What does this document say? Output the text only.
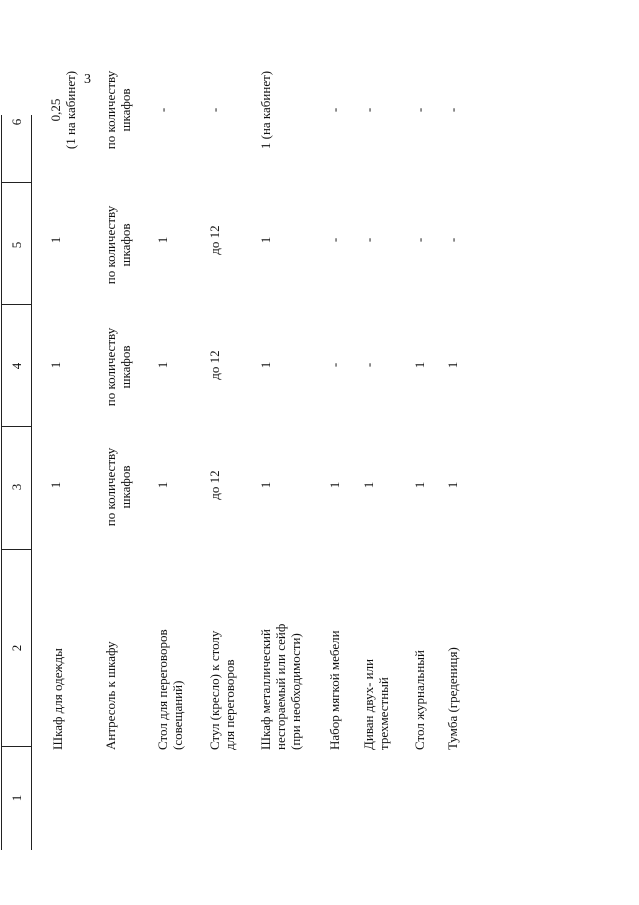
3
1
2
3
4
5
6
Шкаф для одежды
1
1
1
0,25
(1 на кабинет)
Антресоль к шкафу
по количеству
шкафов
по количеству
шкафов
по количеству
шкафов
по количеству
шкафов
Стол для переговоров
(совещаний)
1
1
1
-
Стул (кресло) к столу
для переговоров
до 12
до 12
до 12
-
Шкаф металлический
несгораемый или сейф
(при необходимости)
1
1
1
1 (на кабинет)
Набор мягкой мебели
1
-
-
-
Диван двух- или
трехместный
1
-
-
-
Стол журнальный
1
1
-
-
Тумба (гредениця)
1
1
-
-
